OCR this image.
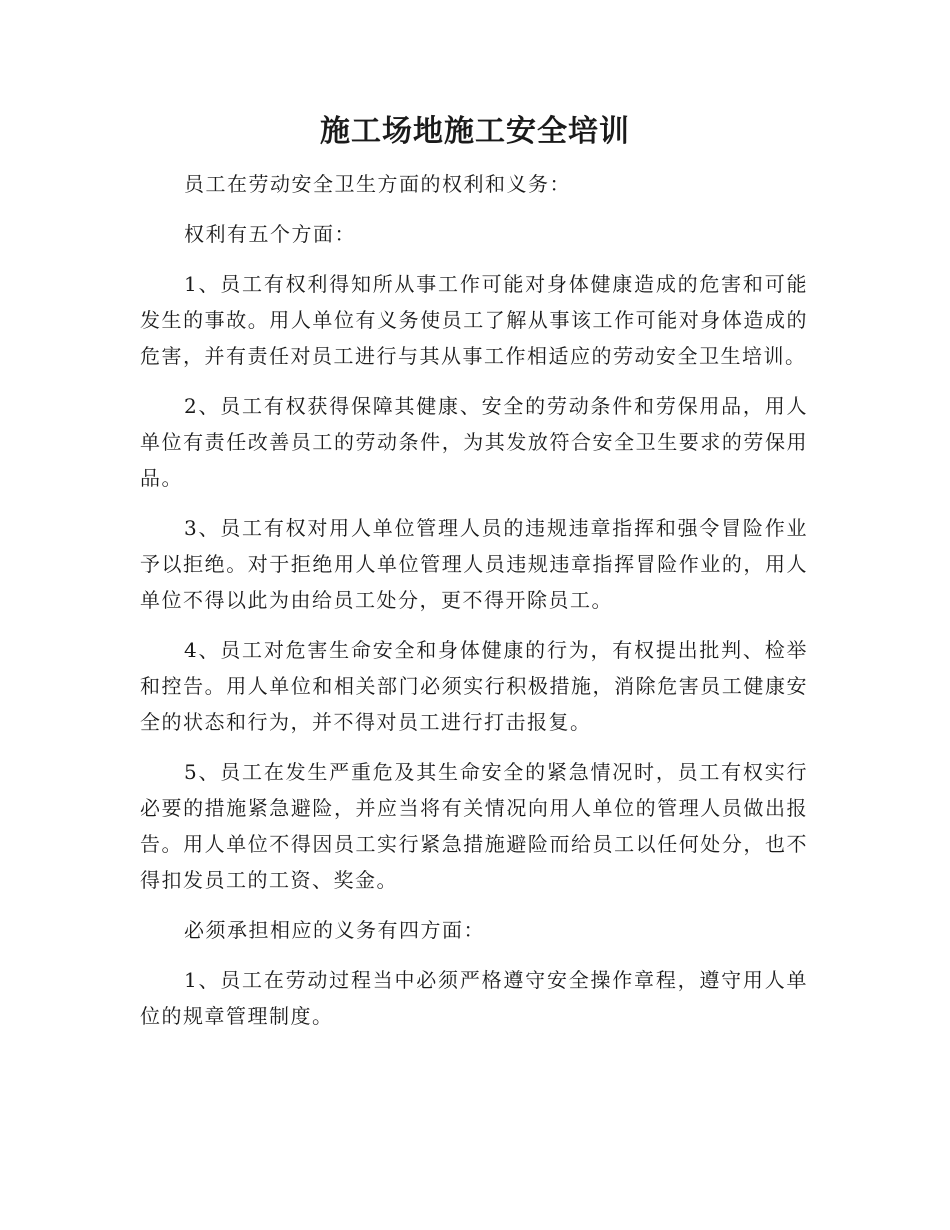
施工场地施工安全培训

员工在劳动安全卫生方面的权利和义务：

权利有五个方面：

1、员工有权利得知所从事工作可能对身体健康造成的危害和可能发生的事故。用人单位有义务使员工了解从事该工作可能对身体造成的危害，并有责任对员工进行与其从事工作相适应的劳动安全卫生培训。

2、员工有权获得保障其健康、安全的劳动条件和劳保用品，用人单位有责任改善员工的劳动条件，为其发放符合安全卫生要求的劳保用品。

3、员工有权对用人单位管理人员的违规违章指挥和强令冒险作业予以拒绝。对于拒绝用人单位管理人员违规违章指挥冒险作业的，用人单位不得以此为由给员工处分，更不得开除员工。

4、员工对危害生命安全和身体健康的行为，有权提出批判、检举和控告。用人单位和相关部门必须实行积极措施，消除危害员工健康安全的状态和行为，并不得对员工进行打击报复。

5、员工在发生严重危及其生命安全的紧急情况时，员工有权实行必要的措施紧急避险，并应当将有关情况向用人单位的管理人员做出报告。用人单位不得因员工实行紧急措施避险而给员工以任何处分，也不得扣发员工的工资、奖金。

必须承担相应的义务有四方面：

1、员工在劳动过程当中必须严格遵守安全操作章程，遵守用人单位的规章管理制度。
